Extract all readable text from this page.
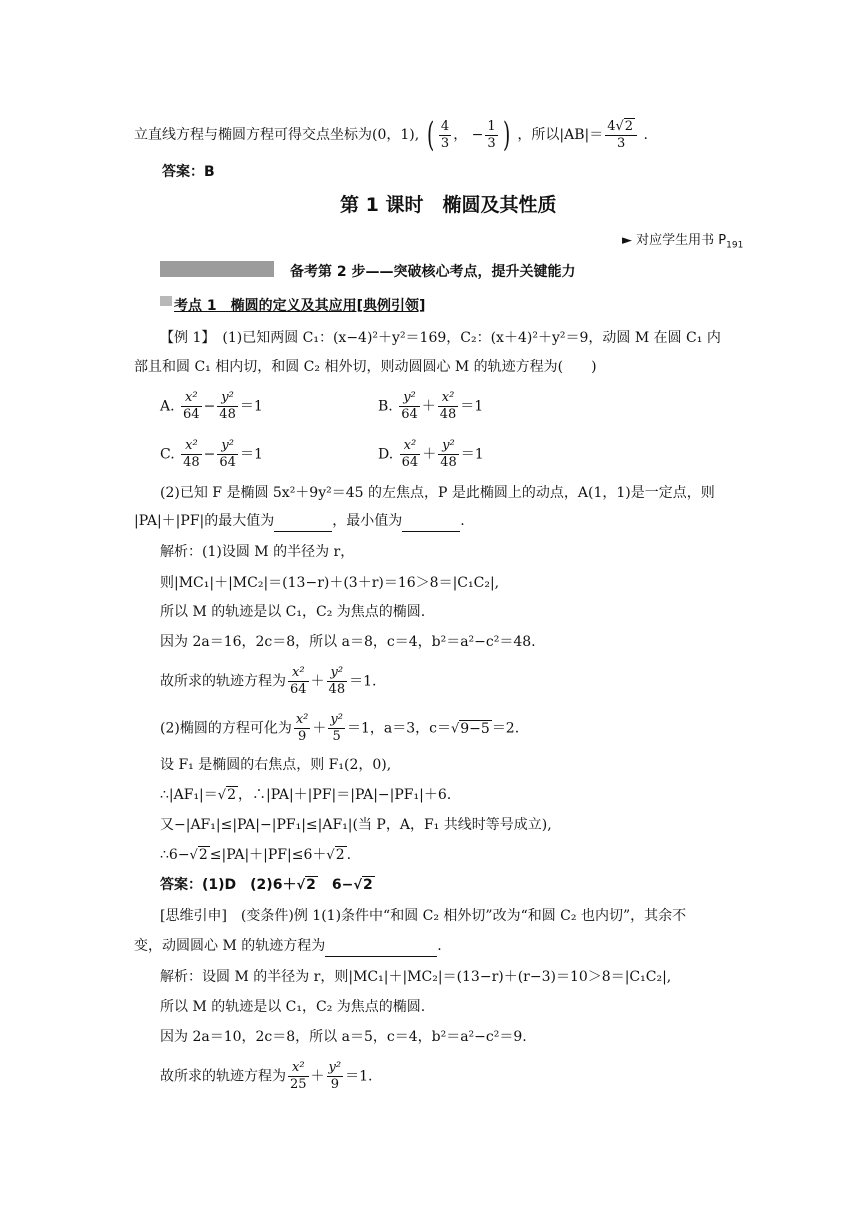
立直线方程与椭圆方程可得交点坐标为(0，1), ( $\frac{4}{3}$ ， − $\frac{1}{3}$ ) ，所以$|AB|= \frac{4√2}{3}$ .
答案：B
第 1 课时　椭圆及其性质
► 对应学生用书 $P_{191}$
备考第 2 步——突破核心考点，提升关键能力
考点 1　椭圆的定义及其应用[典例引领]
【例 1】　(1)已知两圆 C₁：(x−4)²＋y²＝169，C₂：(x＋4)²＋y²＝9，动圆 M 在圆 C₁ 内
部且和圆 C₁ 相内切，和圆 C₂ 相外切，则动圆圆心 M 的轨迹方程为(　　)
A. $\frac{\text{x²}}{64} - \frac{\text{y²}}{48} =1$	B. $\frac{\text{y²}}{64} + \frac{\text{x²}}{48} =1$
C. $\frac{\text{x²}}{48} - \frac{\text{y²}}{64} =1$	D. $\frac{\text{x²}}{64} + \frac{\text{y²}}{48} =1$
(2)已知 F 是椭圆 5x²＋9y²＝45 的左焦点，P 是此椭圆上的动点，A(1，1)是一定点，则
|PA|＋|PF|的最大值为	，最小值为	.
解析：(1)设圆 M 的半径为 r，
则|MC₁|＋|MC₂|＝(13−r)＋(3＋r)＝16＞8＝|C₁C₂|,
所以 M 的轨迹是以 C₁，C₂ 为焦点的椭圆.
因为 2a＝16，2c＝8，所以 a＝8，c＝4，b²＝a²−c²＝48.
故所求的轨迹方程为 $\frac{\text{x²}}{64} + \frac{\text{y²}}{48} =1$.
(2)椭圆的方程可化为 $\frac{\text{x²}}{9} + \frac{\text{y²}}{5} =1$，a＝3，c＝√9−5 ＝2.
设 F₁ 是椭圆的右焦点，则 F₁(2，0),
∴|AF₁|＝√2 ，∴|PA|＋|PF|＝|PA|−|PF₁|＋6.
又−|AF₁|≤|PA|−|PF₁|≤|AF₁|(当 P，A，F₁ 共线时等号成立),
∴6−√2 ≤|PA|＋|PF|≤6＋√2 .
答案：(1)D　(2)6＋√2　6−√2
[思维引申]　(变条件)例 1(1)条件中“和圆 C₂ 相外切”改为“和圆 C₂ 也内切”，其余不
变，动圆圆心 M 的轨迹方程为	.
解析：设圆 M 的半径为 r，则|MC₁|＋|MC₂|＝(13−r)＋(r−3)＝10＞8＝|C₁C₂|,
所以 M 的轨迹是以 C₁，C₂ 为焦点的椭圆.
因为 2a＝10，2c＝8，所以 a＝5，c＝4，b²＝a²−c²＝9.
故所求的轨迹方程为 $\frac{\text{x²}}{25} + \frac{\text{y²}}{9} =1$.
